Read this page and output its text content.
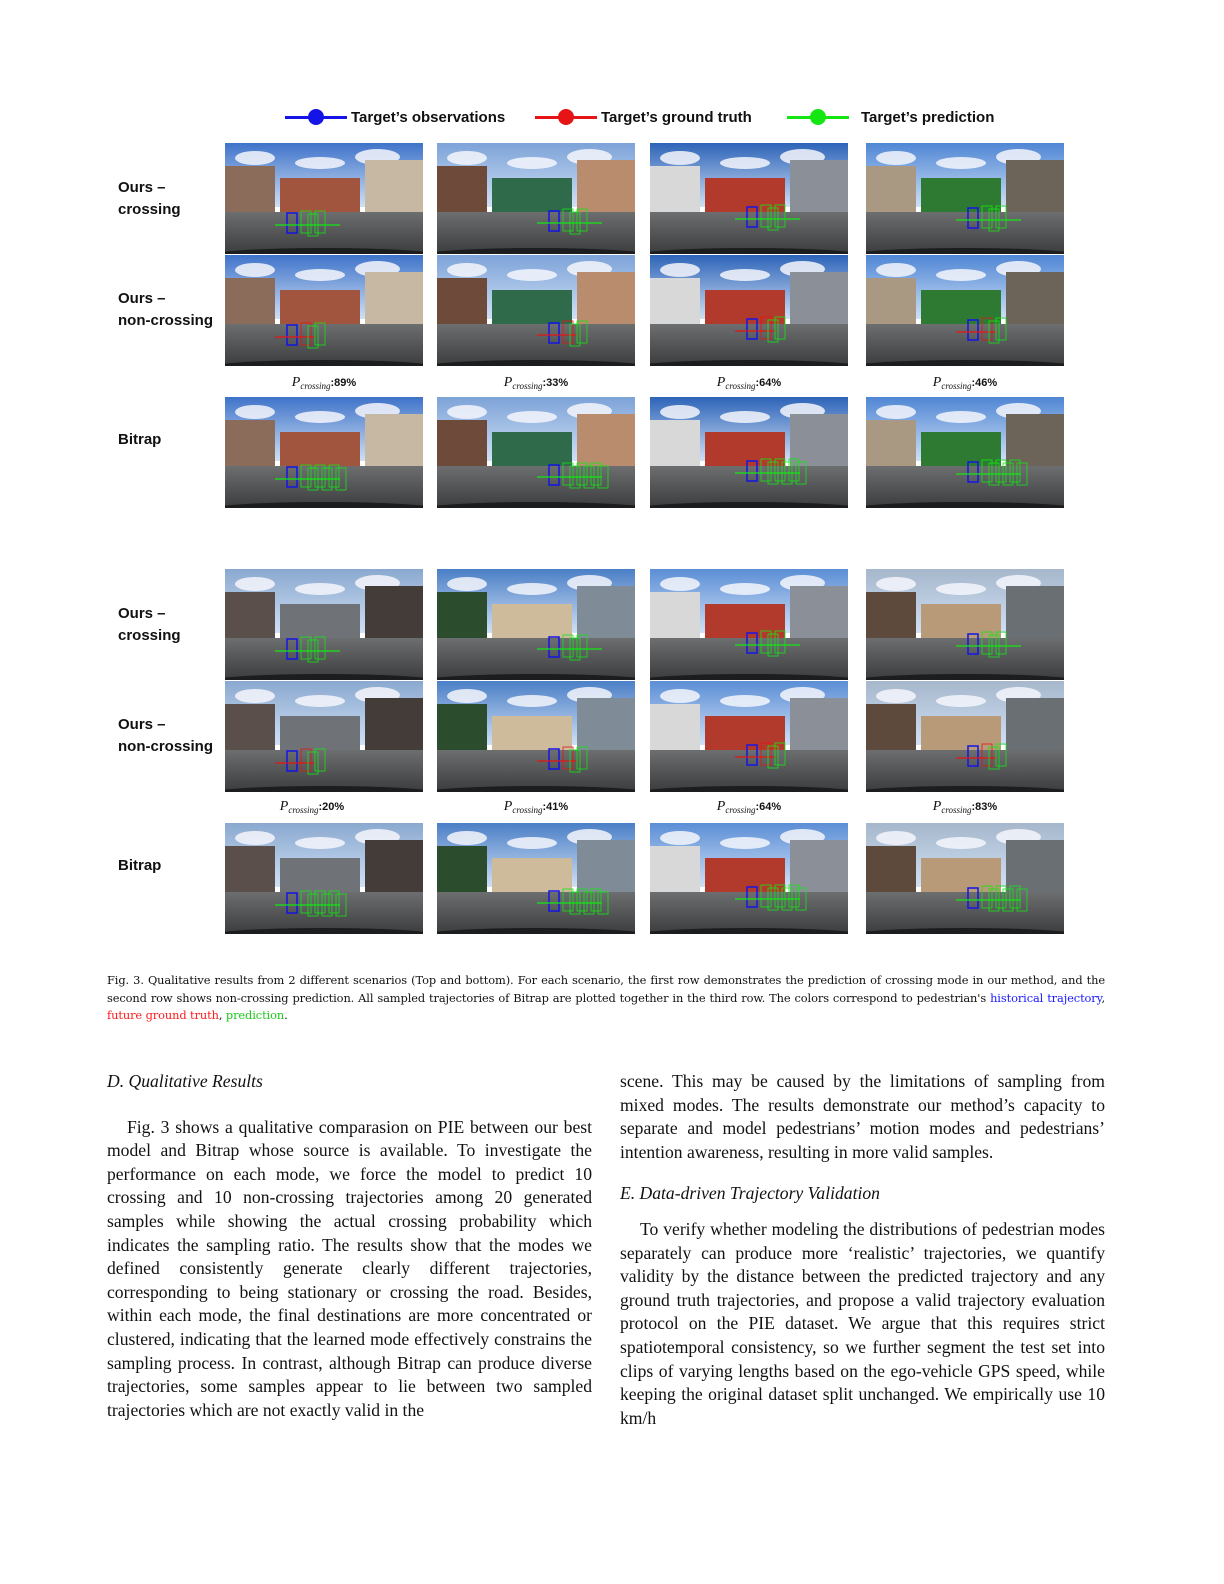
Target’s observations	Target’s ground truth	Target’s prediction
Ours –
crossing
Ours –
non-crossing
Bitrap
Ours –
crossing
Ours –
non-crossing
Bitrap
$P_{crossing}:89\%$	$P_{crossing}:33\%$	$P_{crossing}:64\%$	$P_{crossing}:46\%$
$P_{crossing}:20\%$	$P_{crossing}:41\%$	$P_{crossing}:64\%$	$P_{crossing}:83\%$
Fig. 3. Qualitative results from 2 different scenarios (Top and bottom). For each scenario, the first row demonstrates the prediction of crossing mode in our method, and the second row shows non-crossing prediction. All sampled trajectories of Bitrap are plotted together in the third row. The colors correspond to pedestrian's historical trajectory, future ground truth, prediction.

D. Qualitative Results

Fig. 3 shows a qualitative comparasion on PIE between our best model and Bitrap whose source is available. To investigate the performance on each mode, we force the model to predict 10 crossing and 10 non-crossing trajectories among 20 generated samples while showing the actual crossing probability which indicates the sampling ratio. The results show that the modes we defined consistently generate clearly different trajectories, corresponding to being stationary or crossing the road. Besides, within each mode, the final destinations are more concentrated or clustered, indicating that the learned mode effectively constrains the sampling process. In contrast, although Bitrap can produce diverse trajectories, some samples appear to lie between two sampled trajectories which are not exactly valid in the

scene. This may be caused by the limitations of sampling from mixed modes. The results demonstrate our method’s capacity to separate and model pedestrians’ motion modes and pedestrians’ intention awareness, resulting in more valid samples.

E. Data-driven Trajectory Validation

To verify whether modeling the distributions of pedestrian modes separately can produce more ‘realistic’ trajectories, we quantify validity by the distance between the predicted trajectory and any ground truth trajectories, and propose a valid trajectory evaluation protocol on the PIE dataset. We argue that this requires strict spatiotemporal consistency, so we further segment the test set into clips of varying lengths based on the ego-vehicle GPS speed, while keeping the original dataset split unchanged. We empirically use 10 km/h
